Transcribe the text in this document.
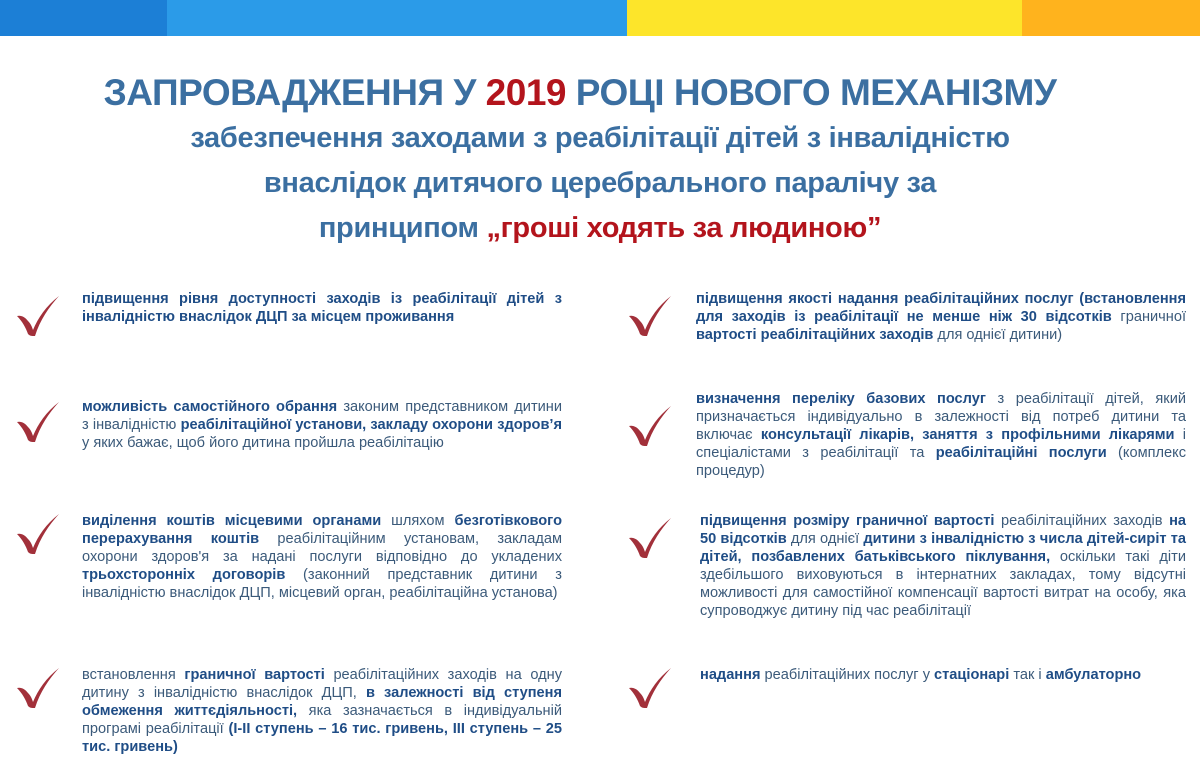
ЗАПРОВАДЖЕННЯ У 2019 РОЦІ НОВОГО МЕХАНІЗМУ
забезпечення заходами з реабілітації дітей з інвалідністю
внаслідок дитячого церебрального паралічу за
принципом „гроші ходять за людиною”
підвищення рівня доступності заходів із реабілітації дітей з інвалідністю внаслідок ДЦП за місцем проживання
можливість самостійного обрання законим представником дитини з інвалідністю реабілітаційної установи, закладу охорони здоров’я у яких бажає, щоб його дитина пройшла реабілітацію
виділення коштів місцевими органами шляхом безготівкового перерахування коштів реабілітаційним установам, закладам охорони здоров'я за надані послуги відповідно до укладених трьохсторонніх договорів (законний представник дитини з інвалідністю внаслідок ДЦП, місцевий орган, реабілітаційна установа)
встановлення граничної вартості реабілітаційних заходів на одну дитину з інвалідністю внаслідок ДЦП, в залежності від ступеня обмеження життєдіяльності, яка зазначається в індивідуальній програмі реабілітації (І-ІІ ступень – 16 тис. гривень, ІІІ ступень – 25 тис. гривень)
підвищення якості надання реабілітаційних послуг (встановлення для заходів із реабілітації не менше ніж 30 відсотків граничної вартості реабілітаційних заходів для однієї дитини)
визначення переліку базових послуг з реабілітації дітей, який призначається індивідуально в залежності від потреб дитини та включає консультації лікарів, заняття з профільними лікарями і спеціалістами з реабілітації та реабілітаційні послуги (комплекс процедур)
підвищення розміру граничної вартості реабілітаційних заходів на 50 відсотків для однієї дитини з інвалідністю з числа дітей-сиріт та дітей, позбавлених батьківського піклування, оскільки такі діти здебільшого виховуються в інтернатних закладах, тому відсутні можливості для самостійної компенсації вартості витрат на особу, яка супроводжує дитину під час реабілітації
надання реабілітаційних послуг у стаціонарі так і амбулаторно
